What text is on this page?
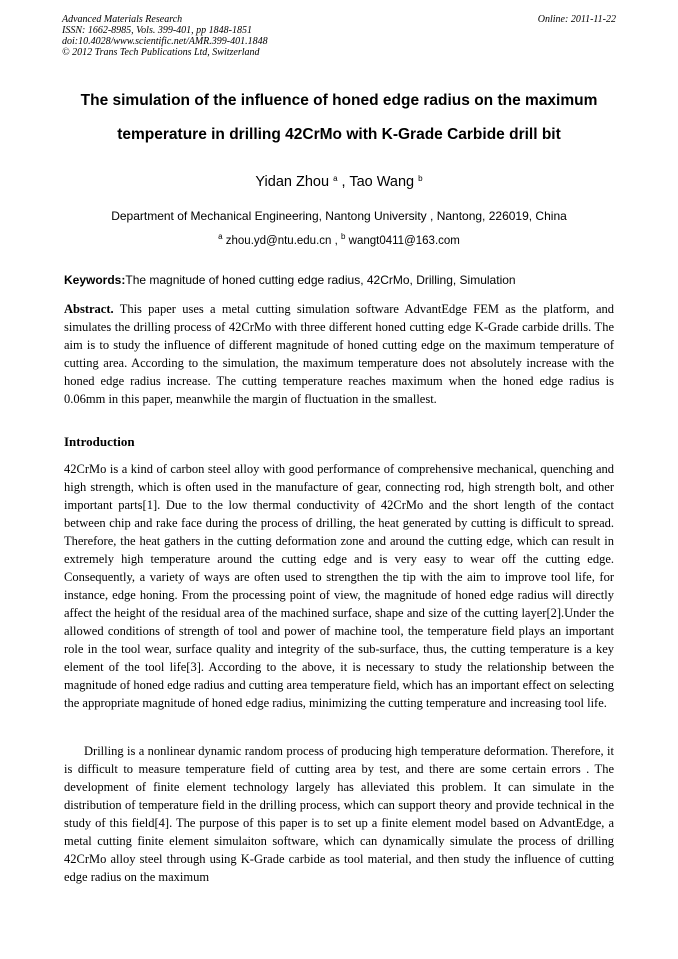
Advanced Materials Research
ISSN: 1662-8985, Vols. 399-401, pp 1848-1851
doi:10.4028/www.scientific.net/AMR.399-401.1848
© 2012 Trans Tech Publications Ltd, Switzerland
Online: 2011-11-22
The simulation of the influence of honed edge radius on the maximum
temperature in drilling 42CrMo with K-Grade Carbide drill bit
Yidan Zhou $^a$ , Tao Wang $^b$
Department of Mechanical Engineering, Nantong University , Nantong, 226019, China
$^a$ zhou.yd@ntu.edu.cn , $^b$ wangt0411@163.com
Keywords:The magnitude of honed cutting edge radius, 42CrMo, Drilling, Simulation

Abstract. This paper uses a metal cutting simulation software AdvantEdge FEM as the platform, and simulates the drilling process of 42CrMo with three different honed cutting edge K-Grade carbide drills. The aim is to study the influence of different magnitude of honed cutting edge on the maximum temperature of cutting area. According to the simulation, the maximum temperature does not absolutely increase with the honed edge radius increase. The cutting temperature reaches maximum when the honed edge radius is 0.06mm in this paper, meanwhile the margin of fluctuation in the smallest.

Introduction

42CrMo is a kind of carbon steel alloy with good performance of comprehensive mechanical, quenching and high strength, which is often used in the manufacture of gear, connecting rod, high strength bolt, and other important parts[1]. Due to the low thermal conductivity of 42CrMo and the short length of the contact between chip and rake face during the process of drilling, the heat generated by cutting is difficult to spread. Therefore, the heat gathers in the cutting deformation zone and around the cutting edge, which can result in extremely high temperature around the cutting edge and is very easy to wear off the cutting edge. Consequently, a variety of ways are often used to strengthen the tip with the aim to improve tool life, for instance, edge honing. From the processing point of view, the magnitude of honed edge radius will directly affect the height of the residual area of the machined surface, shape and size of the cutting layer[2].Under the allowed conditions of strength of tool and power of machine tool, the temperature field plays an important role in the tool wear, surface quality and integrity of the sub-surface, thus, the cutting temperature is a key element of the tool life[3]. According to the above, it is necessary to study the relationship between the magnitude of honed edge radius and cutting area temperature field, which has an important effect on selecting the appropriate magnitude of honed edge radius, minimizing the cutting temperature and increasing tool life.

Drilling is a nonlinear dynamic random process of producing high temperature deformation. Therefore, it is difficult to measure temperature field of cutting area by test, and there are some certain errors . The development of finite element technology largely has alleviated this problem. It can simulate in the distribution of temperature field in the drilling process, which can support theory and provide technical in the study of this field[4]. The purpose of this paper is to set up a finite element model based on AdvantEdge, a metal cutting finite element simulaiton software, which can dynamically simulate the process of drilling 42CrMo alloy steel through using K-Grade carbide as tool material, and then study the influence of cutting edge radius on the maximum
